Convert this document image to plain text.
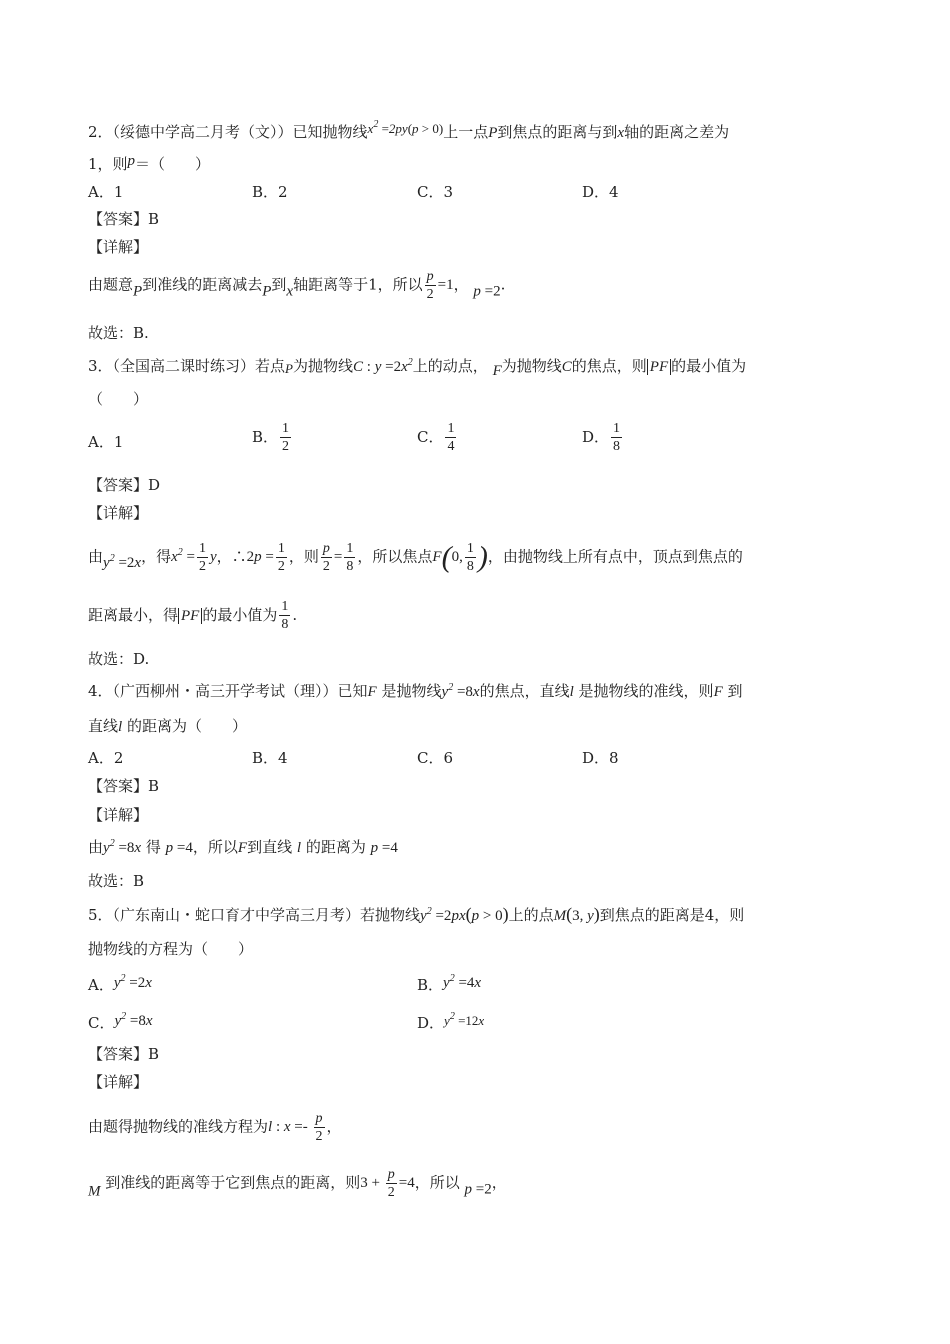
2．（绥德中学高二月考（文））已知抛物线$x^2 =2py(p > 0)$上一点P到焦点的距离与到x轴的距离之差为
1，则p＝（　　）
A．1	B．2	C．3	D．4
【答案】B
【详解】
由题意P到准线的距离减去P到x轴距离等于1，所以 $\frac{p}{2} =1$， p =2.
故选：B.
3．（全国高二课时练习）若点P为抛物线C : $y =2x^2$上的动点， F为抛物线C的焦点，则 PF 的最小值为
（　　）
A．1	B． $\frac{1}{2}$	C． $\frac{1}{4}$	D． $\frac{1}{8}$
【答案】D
【详解】
由$y^2 =2x$，得$x^2 = \frac{1}{2}$ y，∴2p = $\frac{1}{2}$ ，则 $\frac{p}{2} = \frac{1}{8}$ ，所以焦点F(0, $\frac{1}{8}$ )，由抛物线上所有点中，顶点到焦点的
距离最小，得 PF 的最小值为 $\frac{1}{8}$ .
故选：D.
4．（广西柳州・高三开学考试（理））已知F 是抛物线$y^2 =8x$的焦点，直线l 是抛物线的准线，则F 到
直线l 的距离为（　　）
A．2	B．4	C．6	D．8
【答案】B
【详解】
由$y^2 =8x$ 得 p =4，所以F到直线 l 的距离为 p =4
故选：B
5．（广东南山・蛇口育才中学高三月考）若抛物线$y^2 =2px(p > 0)$上的点M(3, y)到焦点的距离是4，则
抛物线的方程为（　　）
A．$y^2 =2x$	B．$y^2 =4x$
C．$y^2 =8x$	D．$y^2 =12x$
【答案】B
【详解】
由题得抛物线的准线方程为l : $x =- \frac{p}{2}$ ，
M 到准线的距离等于它到焦点的距离，则$3 + \frac{p}{2} =4$，所以 p =2，
